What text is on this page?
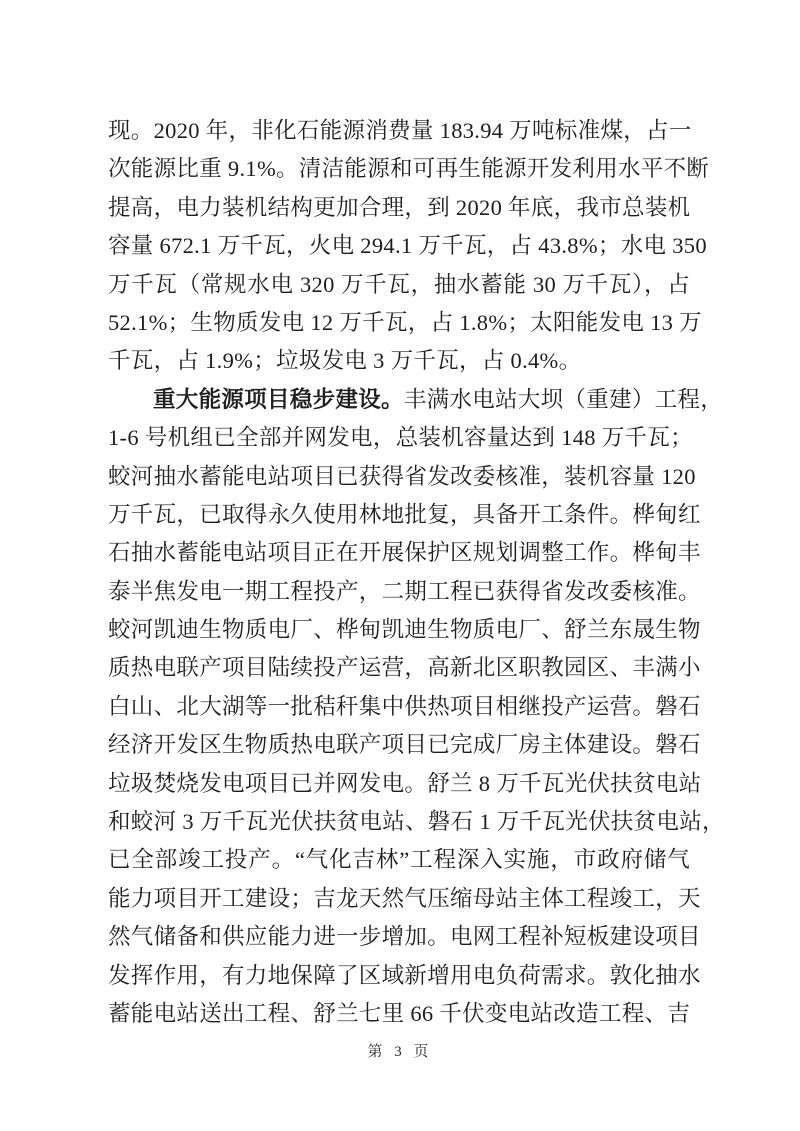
现。2020 年，非化石能源消费量 183.94 万吨标准煤，占一
次能源比重 9.1%。清洁能源和可再生能源开发利用水平不断
提高，电力装机结构更加合理，到 2020 年底，我市总装机
容量 672.1 万千瓦，火电 294.1 万千瓦，占 43.8%；水电 350
万千瓦（常规水电 320 万千瓦，抽水蓄能 30 万千瓦），占
52.1%；生物质发电 12 万千瓦，占 1.8%；太阳能发电 13 万
千瓦，占 1.9%；垃圾发电 3 万千瓦，占 0.4%。
重大能源项目稳步建设。丰满水电站大坝（重建）工程，
1-6 号机组已全部并网发电，总装机容量达到 148 万千瓦；
蛟河抽水蓄能电站项目已获得省发改委核准，装机容量 120
万千瓦，已取得永久使用林地批复，具备开工条件。桦甸红
石抽水蓄能电站项目正在开展保护区规划调整工作。桦甸丰
泰半焦发电一期工程投产，二期工程已获得省发改委核准。
蛟河凯迪生物质电厂、桦甸凯迪生物质电厂、舒兰东晟生物
质热电联产项目陆续投产运营，高新北区职教园区、丰满小
白山、北大湖等一批秸秆集中供热项目相继投产运营。磐石
经济开发区生物质热电联产项目已完成厂房主体建设。磐石
垃圾焚烧发电项目已并网发电。舒兰 8 万千瓦光伏扶贫电站
和蛟河 3 万千瓦光伏扶贫电站、磐石 1 万千瓦光伏扶贫电站，
已全部竣工投产。“气化吉林”工程深入实施，市政府储气
能力项目开工建设；吉龙天然气压缩母站主体工程竣工，天
然气储备和供应能力进一步增加。电网工程补短板建设项目
发挥作用，有力地保障了区域新增用电负荷需求。敦化抽水
蓄能电站送出工程、舒兰七里 66 千伏变电站改造工程、吉
第 3 页
